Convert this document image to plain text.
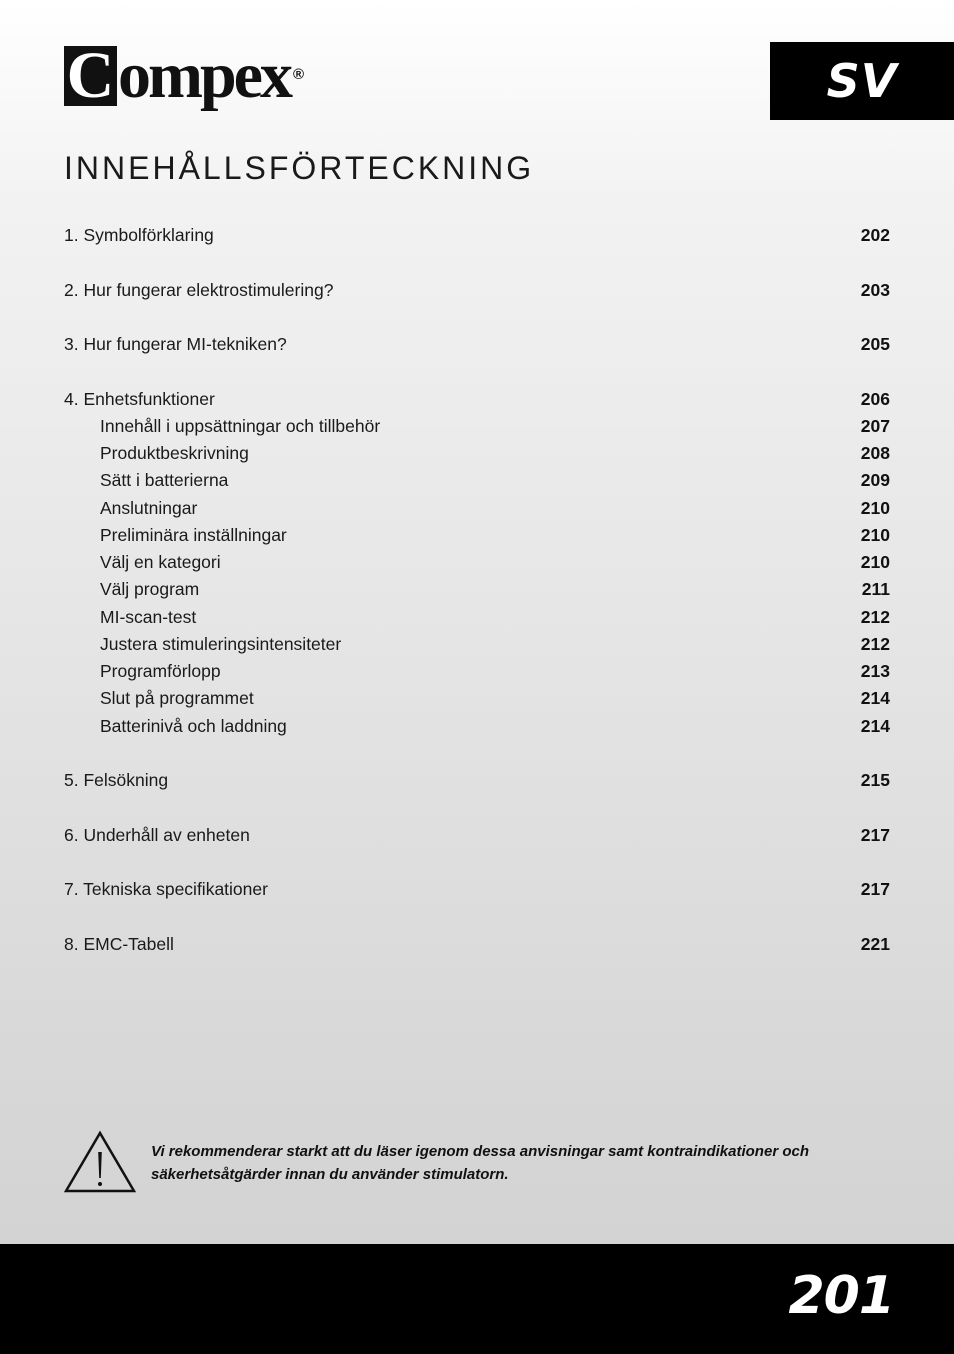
C ompex ®	SV
INNEHÅLLSFÖRTECKNING
1. Symbolförklaring	202
2. Hur fungerar elektrostimulering?	203
3. Hur fungerar MI-tekniken?	205
4. Enhetsfunktioner	206
Innehåll i uppsättningar och tillbehör	207
Produktbeskrivning	208
Sätt i batterierna	209
Anslutningar	210
Preliminära inställningar	210
Välj en kategori	210
Välj program	211
MI-scan-test	212
Justera stimuleringsintensiteter	212
Programförlopp	213
Slut på programmet	214
Batterinivå och laddning	214
5. Felsökning	215
6. Underhåll av enheten	217
7. Tekniska specifikationer	217
8. EMC-Tabell	221
Vi rekommenderar starkt att du läser igenom dessa anvisningar samt kontraindikationer och
säkerhetsåtgärder innan du använder stimulatorn.
201
